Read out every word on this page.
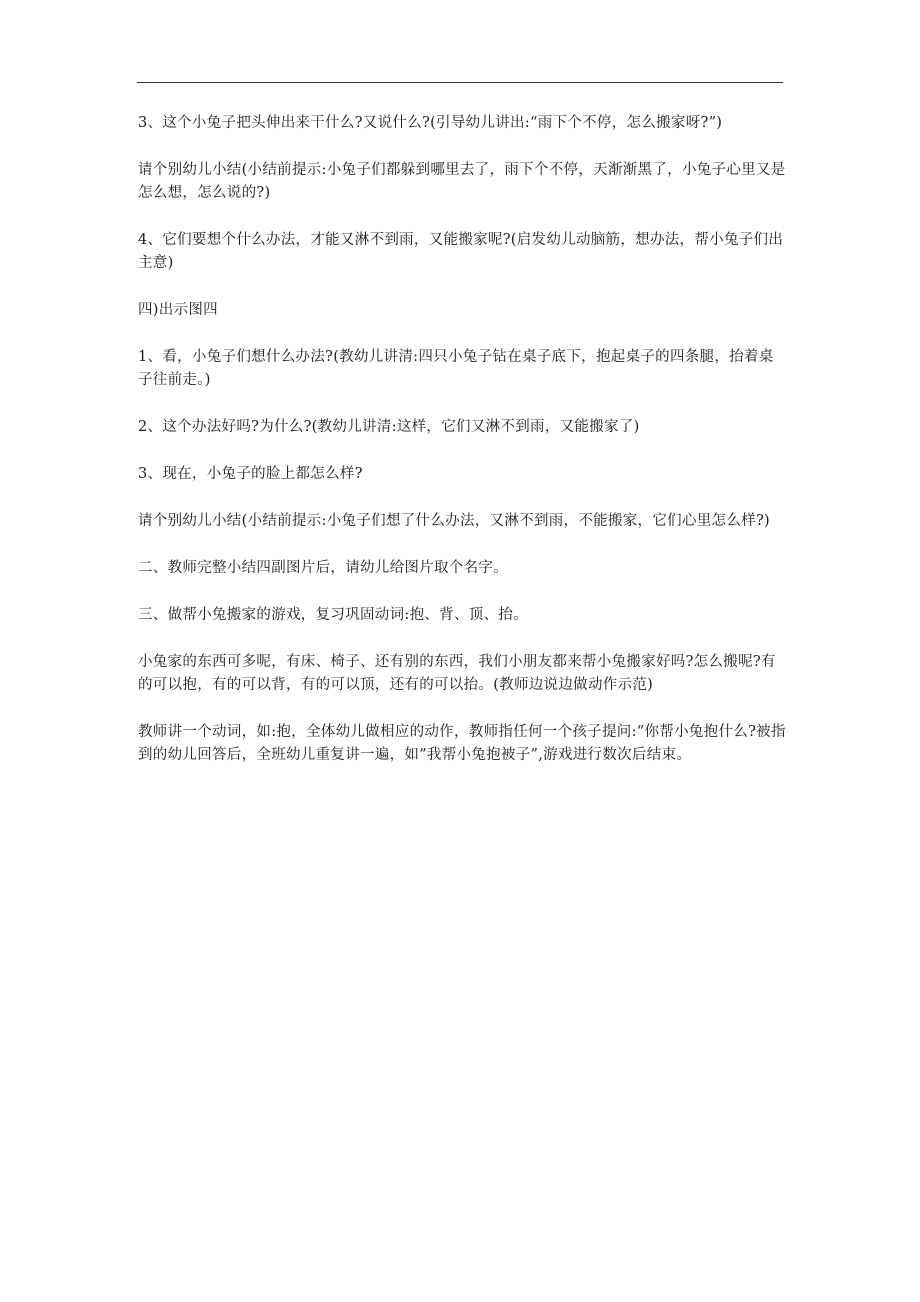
3、这个小兔子把头伸出来干什么?又说什么?(引导幼儿讲出:“雨下个不停，怎么搬家呀?”)

请个别幼儿小结(小结前提示:小兔子们都躲到哪里去了，雨下个不停，天渐渐黑了，小兔子心里又是怎么想，怎么说的?)

4、它们要想个什么办法，才能又淋不到雨，又能搬家呢?(启发幼儿动脑筋，想办法，帮小兔子们出主意)

四)出示图四

1、看，小兔子们想什么办法?(教幼儿讲清:四只小兔子钻在桌子底下，抱起桌子的四条腿，抬着桌子往前走。)

2、这个办法好吗?为什么?(教幼儿讲清:这样，它们又淋不到雨，又能搬家了)

3、现在，小兔子的脸上都怎么样?

请个别幼儿小结(小结前提示:小兔子们想了什么办法，又淋不到雨，不能搬家，它们心里怎么样?)

二、教师完整小结四副图片后，请幼儿给图片取个名字。

三、做帮小兔搬家的游戏，复习巩固动词:抱、背、顶、抬。

小兔家的东西可多呢，有床、椅子、还有别的东西，我们小朋友都来帮小兔搬家好吗?怎么搬呢?有的可以抱，有的可以背，有的可以顶，还有的可以抬。(教师边说边做动作示范)

教师讲一个动词，如:抱，全体幼儿做相应的动作，教师指任何一个孩子提问:“你帮小兔抱什么?被指到的幼儿回答后，全班幼儿重复讲一遍，如”我帮小兔抱被子”,游戏进行数次后结束。
